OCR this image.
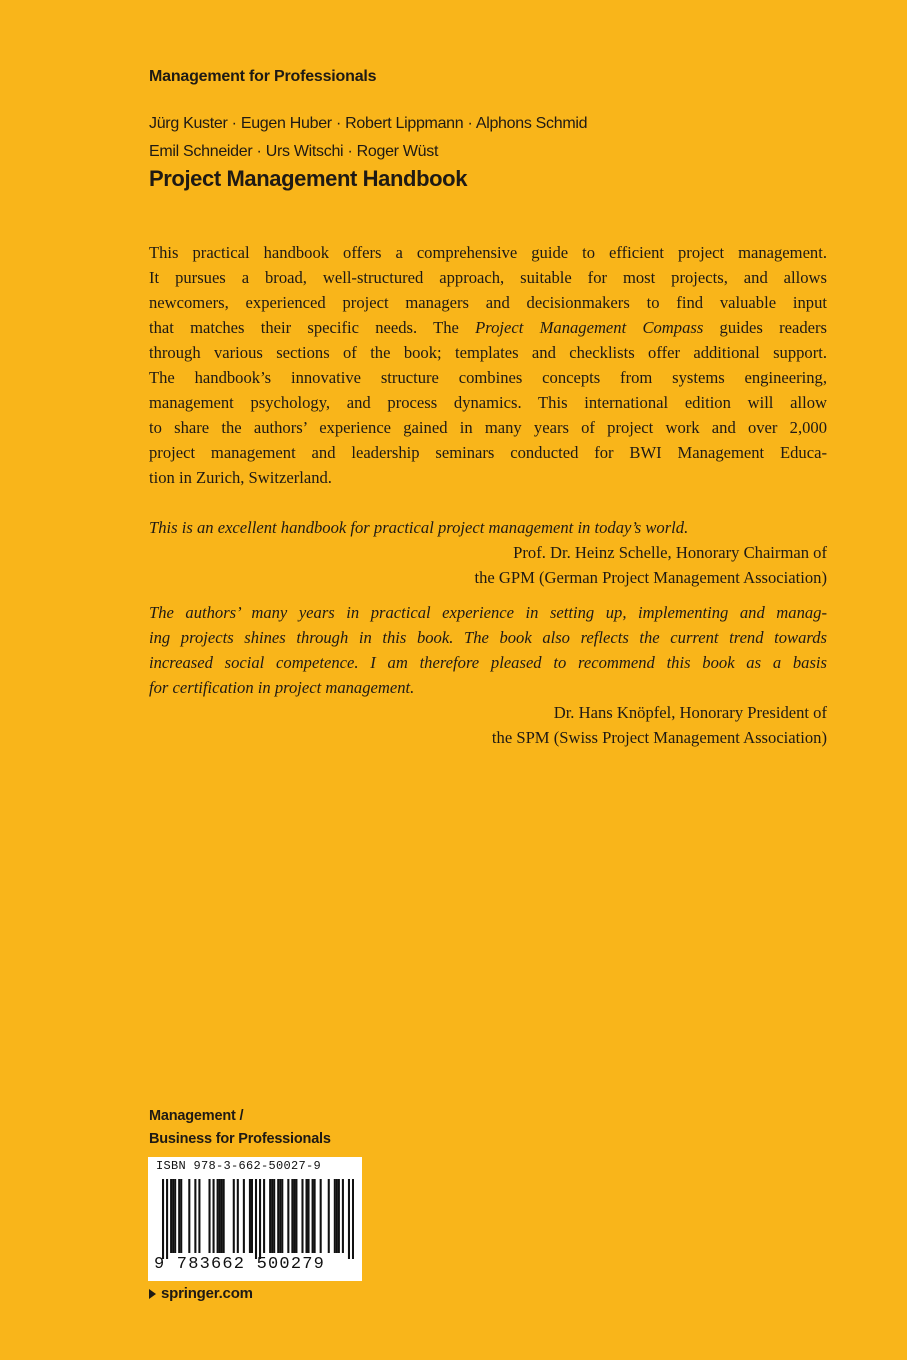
Management for Professionals
Jürg Kuster · Eugen Huber · Robert Lippmann · Alphons Schmid
Emil Schneider · Urs Witschi · Roger Wüst
Project Management Handbook
This practical handbook offers a comprehensive guide to efficient project management.
It pursues a broad, well-structured approach, suitable for most projects, and allows
newcomers, experienced project managers and decisionmakers to find valuable input
that matches their specific needs. The Project Management Compass guides readers
through various sections of the book; templates and checklists offer additional support.
The handbook’s innovative structure combines concepts from systems engineering,
management psychology, and process dynamics. This international edition will allow
to share the authors’ experience gained in many years of project work and over 2,000
project management and leadership seminars conducted for BWI Management Educa-
tion in Zurich, Switzerland.
This is an excellent handbook for practical project management in today’s world.
Prof. Dr. Heinz Schelle, Honorary Chairman of
the GPM (German Project Management Association)
The authors’ many years in practical experience in setting up, implementing and manag-
ing projects shines through in this book. The book also reflects the current trend towards
increased social competence. I am therefore pleased to recommend this book as a basis
for certification in project management.
Dr. Hans Knöpfel, Honorary President of
the SPM (Swiss Project Management Association)
Management /
Business for Professionals
ISBN 978-3-662-50027-9
9 783662 500279
springer.com
